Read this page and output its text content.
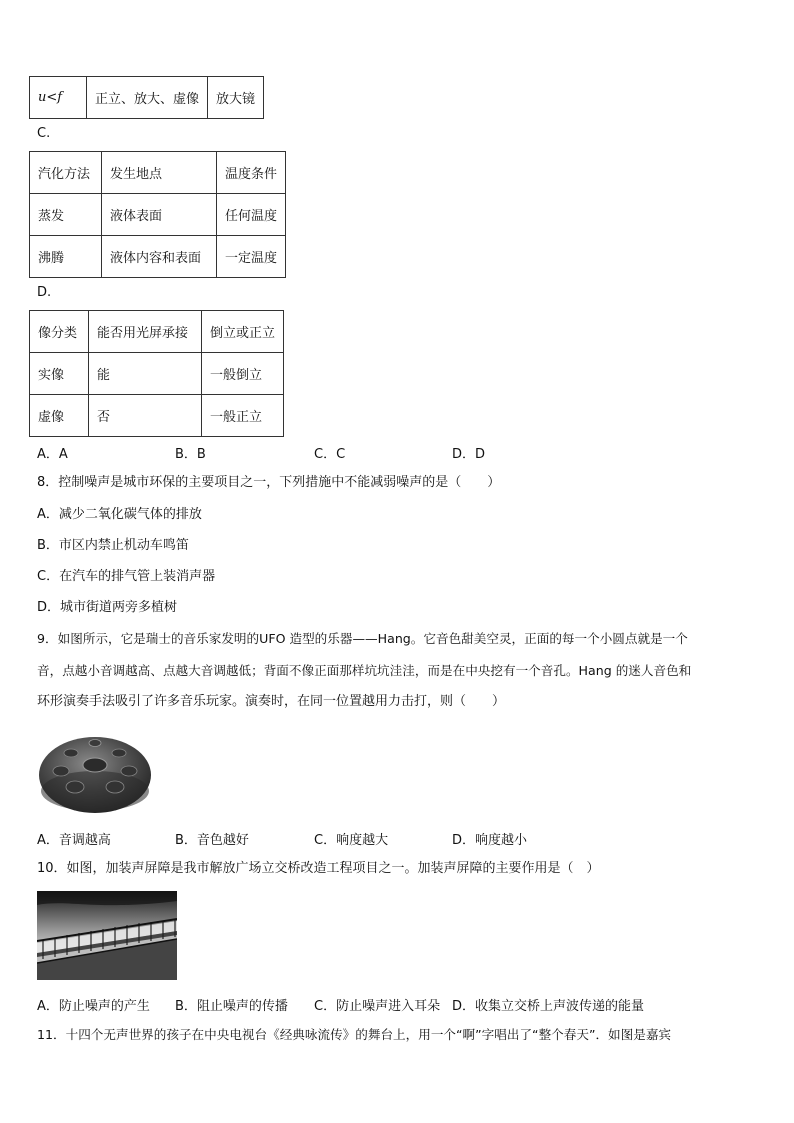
u<f	正立、放大、虚像	放大镜
C.
汽化方法	发生地点	温度条件
蒸发	液体表面	任何温度
沸腾	液体内容和表面	一定温度
D.
像分类	能否用光屏承接	倒立或正立
实像	能	一般倒立
虚像	否	一般正立
A．A	B．B	C．C	D．D
8．控制噪声是城市环保的主要项目之一，下列措施中不能减弱噪声的是（　　）
A．减少二氧化碳气体的排放
B．市区内禁止机动车鸣笛
C．在汽车的排气管上装消声器
D．城市街道两旁多植树
9．如图所示，它是瑞士的音乐家发明的UFO 造型的乐器——Hang。它音色甜美空灵，正面的每一个小圆点就是一个
音，点越小音调越高、点越大音调越低；背面不像正面那样坑坑洼洼，而是在中央挖有一个音孔。Hang 的迷人音色和
环形演奏手法吸引了许多音乐玩家。演奏时，在同一位置越用力击打，则（　　）
A．音调越高	B．音色越好	C．响度越大	D．响度越小
10．如图，加装声屏障是我市解放广场立交桥改造工程项目之一。加装声屏障的主要作用是（　）
A．防止噪声的产生 B．阻止噪声的传播 C．防止噪声进入耳朵 D．收集立交桥上声波传递的能量
11．十四个无声世界的孩子在中央电视台《经典咏流传》的舞台上，用一个“啊”字唱出了“整个春天”．如图是嘉宾
